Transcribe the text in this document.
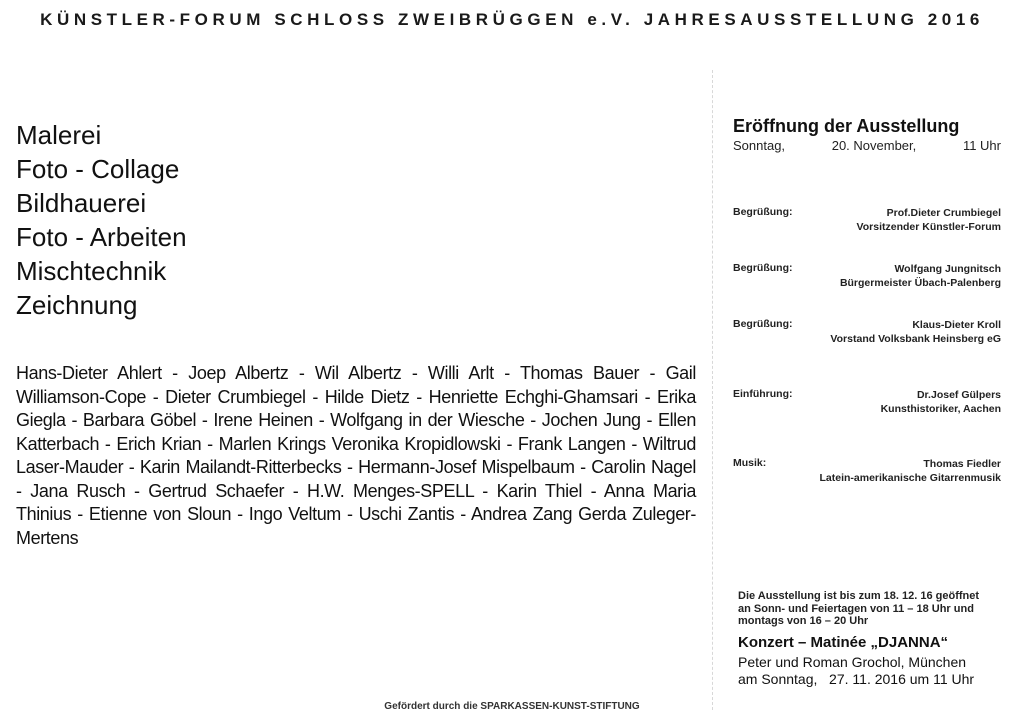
KÜNSTLER-FORUM SCHLOSS ZWEIBRÜGGEN e.V. JAHRESAUSSTELLUNG 2016
Malerei
Foto - Collage
Bildhauerei
Foto - Arbeiten
Mischtechnik
Zeichnung
Hans-Dieter Ahlert - Joep Albertz - Wil Albertz - Willi Arlt - Thomas Bauer - Gail Williamson-Cope - Dieter Crumbiegel - Hilde Dietz - Henriette Echghi-Ghamsari - Erika Giegla - Barbara Göbel - Irene Heinen - Wolfgang in der Wiesche - Jochen Jung - Ellen Katterbach - Erich Krian - Marlen Krings Veronika Kropidlowski - Frank Langen - Wiltrud Laser-Mauder - Karin Mailandt-Ritterbecks - Hermann-Josef Mispelbaum - Carolin Nagel - Jana Rusch - Gertrud Schaefer - H.W. Menges-SPELL - Karin Thiel - Anna Maria Thinius - Etienne von Sloun - Ingo Veltum - Uschi Zantis - Andrea Zang Gerda Zuleger-Mertens
Eröffnung der Ausstellung
Sonntag,	20. November,	11 Uhr
Begrüßung:	Prof.Dieter Crumbiegel
Vorsitzender Künstler-Forum
Begrüßung:	Wolfgang Jungnitsch
Bürgermeister Übach-Palenberg
Begrüßung:	Klaus-Dieter Kroll
Vorstand Volksbank Heinsberg eG
Einführung:	Dr.Josef Gülpers
Kunsthistoriker, Aachen
Musik:	Thomas Fiedler
Latein-amerikanische Gitarrenmusik
Die Ausstellung ist bis zum 18. 12. 16 geöffnet
an Sonn- und Feiertagen von 11 – 18 Uhr und
montags von 16 – 20 Uhr
Konzert – Matinée „DJANNA“
Peter und Roman Grochol, München
am Sonntag,   27. 11. 2016 um 11 Uhr
Gefördert durch die SPARKASSEN-KUNST-STIFTUNG
